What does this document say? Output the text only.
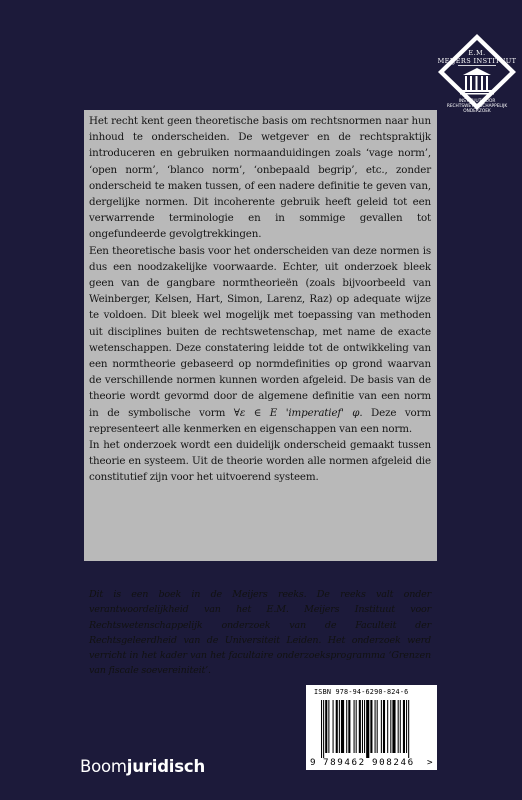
E.M.
MEIJERS INSTITUUT
INSTITUUT VOOR
RECHTSWETENSCHAPPELIJK
ONDERZOEK

Het recht kent geen theoretische basis om rechtsnormen naar hun inhoud te onderscheiden. De wetgever en de rechtspraktijk introduceren en gebruiken normaanduidingen zoals ‘vage norm’, ‘open norm’, ‘blanco norm’, ‘onbepaald begrip’, etc., zonder onderscheid te maken tussen, of een nadere definitie te geven van, dergelijke normen. Dit incoherente gebruik heeft geleid tot een verwarrende terminologie en in sommige gevallen tot ongefundeerde gevolgtrekkingen.

Een theoretische basis voor het onderscheiden van deze normen is dus een noodzakelijke voorwaarde. Echter, uit onderzoek bleek geen van de gangbare normtheorieën (zoals bijvoorbeeld van Weinberger, Kelsen, Hart, Simon, Larenz, Raz) op adequate wijze te voldoen. Dit bleek wel mogelijk met toepassing van methoden uit disciplines buiten de rechtswetenschap, met name de exacte wetenschappen. Deze constatering leidde tot de ontwikkeling van een normtheorie gebaseerd op normdefinities op grond waarvan de verschillende normen kunnen worden afgeleid. De basis van de theorie wordt gevormd door de algemene definitie van een norm in de symbolische vorm ∀ε ∈ E 'imperatief' φ. Deze vorm representeert alle kenmerken en eigenschappen van een norm.

In het onderzoek wordt een duidelijk onderscheid gemaakt tussen theorie en systeem. Uit de theorie worden alle normen afgeleid die constitutief zijn voor het uitvoerend systeem.

Dit is een boek in de Meijers reeks. De reeks valt onder verantwoordelijkheid van het E.M. Meijers Instituut voor Rechtswetenschappelijk onderzoek van de Faculteit der Rechtsgeleerdheid van de Universiteit Leiden. Het onderzoek werd verricht in het kader van het facultaire onderzoeksprogramma ‘Grenzen van fiscale soevereiniteit’.
ISBN 978-94-6290-824-6
9 789462 908246 >
Boomjuridisch
